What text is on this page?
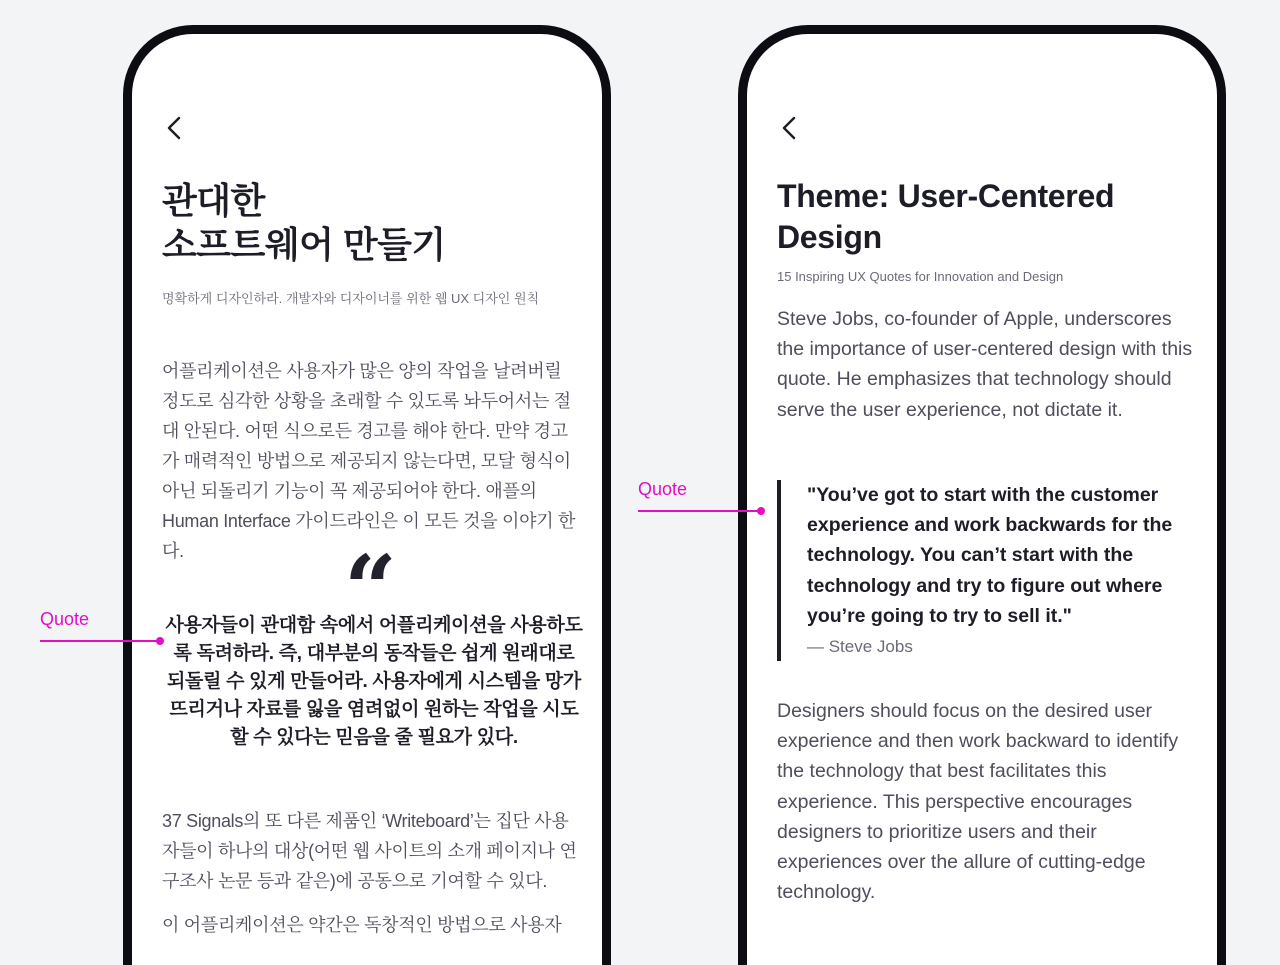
관대한
소프트웨어 만들기

명확하게 디자인하라. 개발자와 디자이너를 위한 웹 UX 디자인 원칙

어플리케이션은 사용자가 많은 양의 작업을 날려버릴 정도로 심각한 상황을 초래할 수 있도록 놔두어서는 절대 안된다. 어떤 식으로든 경고를 해야 한다. 만약 경고가 매력적인 방법으로 제공되지 않는다면, 모달 형식이 아닌 되돌리기 기능이 꼭 제공되어야 한다. 애플의 Human Interface 가이드라인은 이 모든 것을 이야기 한다.	“

사용자들이 관대함 속에서 어플리케이션을 사용하도록 독려하라. 즉, 대부분의 동작들은 쉽게 원래대로 되돌릴 수 있게 만들어라. 사용자에게 시스템을 망가뜨리거나 자료를 잃을 염려없이 원하는 작업을 시도할 수 있다는 믿음을 줄 필요가 있다.

37 Signals의 또 다른 제품인 ‘Writeboard’는 집단 사용자들이 하나의 대상(어떤 웹 사이트의 소개 페이지나 연구조사 논문 등과 같은)에 공동으로 기여할 수 있다.

이 어플리케이션은 약간은 독창적인 방법으로 사용자

Theme: User-Centered Design

15 Inspiring UX Quotes for Innovation and Design

Steve Jobs, co-founder of Apple, underscores the importance of user-centered design with this quote. He emphasizes that technology should serve the user experience, not dictate it.

"You’ve got to start with the customer experience and work backwards for the technology. You can’t start with the technology and try to figure out where you’re going to try to sell it."

— Steve Jobs

Designers should focus on the desired user experience and then work backward to identify the technology that best facilitates this experience. This perspective encourages designers to prioritize users and their experiences over the allure of cutting-edge technology.

Quote
Quote
